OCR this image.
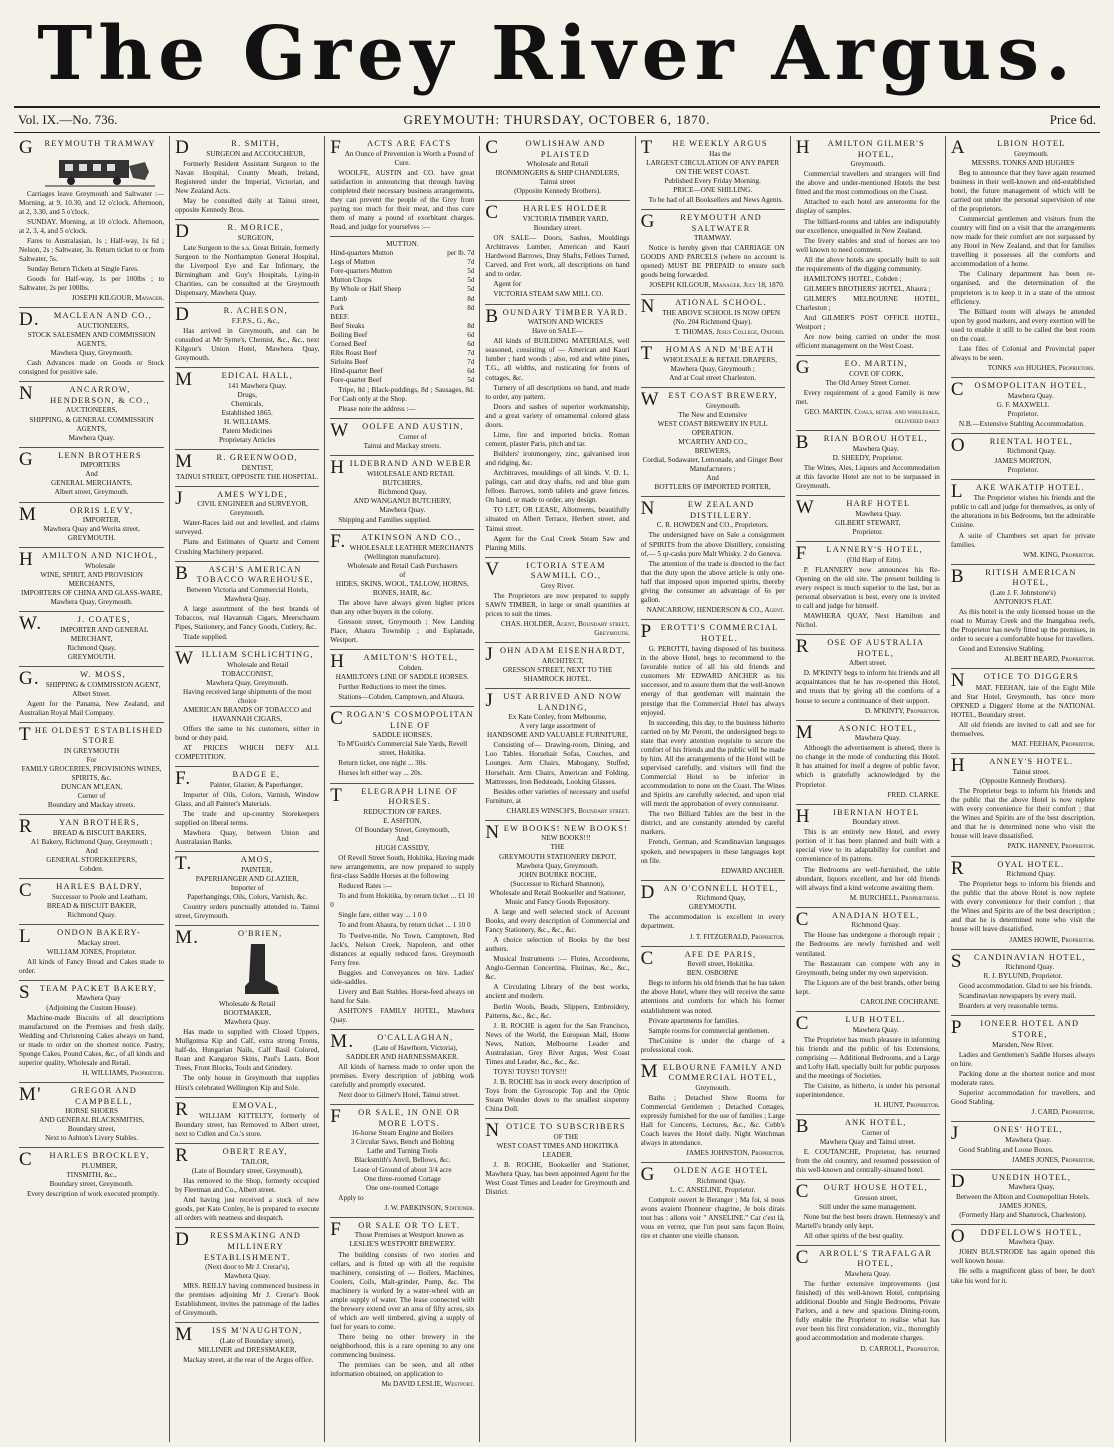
The Grey River Argus.
Vol. IX.—No. 736.	GREYMOUTH: THURSDAY, OCTOBER 6, 1870.	Price 6d.

GREYMOUTH TRAMWAY

Carriages leave Greymouth and Saltwater :— Morning, at 9, 10.30, and 12 o'clock. Afternoon, at 2, 3.30, and 5 o'clock.

SUNDAY. Morning, at 10 o'clock. Afternoon, at 2, 3, 4, and 5 o'clock.

Fares to Australasian, 1s ; Half-way, 1s 6d ; Nelson, 2s ; Saltwater, 3s. Return ticket to or from Saltwater, 5s.

Sunday Return Tickets at Single Fares.

Goods for Half-way, 1s per 100lbs ; to Saltwater, 2s per 100lbs.

JOSEPH KILGOUR, Manager.

D.MACLEAN AND CO.,

AUCTIONEERS,

STOCK SALESMEN AND COMMISSION AGENTS,

Mawhera Quay, Greymouth.

Cash Advances made on Goods or Stock consigned for positive sale.

NANCARROW, HENDERSON, & CO.,

AUCTIONEERS,

SHIPPING, & GENERAL COMMISSION AGENTS,

Mawhera Quay.

GLENN BROTHERS

IMPORTERS

And

GENERAL MERCHANTS,

Albert street, Greymouth.

MORRIS LEVY,

IMPORTER,

Mawhera Quay and Werita street,

GREYMOUTH.

HAMILTON AND NICHOL,

Wholesale

WINE, SPIRIT, AND PROVISION MERCHANTS,

IMPORTERS OF CHINA AND GLASS-WARE,

Mawhera Quay, Greymouth.

W.J. COATES,

IMPORTER AND GENERAL MERCHANT,

Richmond Quay,

GREYMOUTH.

G.W. MOSS,

SHIPPING & COMMISSION AGENT,

Albert Street.

Agent for the Panama, New Zealand, and Australian Royal Mail Company.

THE OLDEST ESTABLISHED STORE

IN GREYMOUTH

For

FAMILY GROCERIES, PROVISIONS WINES, SPIRITS, &c.

DUNCAN M'LEAN,

Corner of

Boundary and Mackay streets.

RYAN BROTHERS,

BREAD & BISCUIT BAKERS,

A1 Bakery, Richmond Quay, Greymouth ;

And

GENERAL STOREKEEPERS,

Cobden.

CHARLES BALDRY,

Successor to Poole and Leatham,

BREAD & BISCUIT BAKER,

Richmond Quay.

LONDON BAKERY-

Mackay street.

WILLIAM JONES, Proprietor.

All kinds of Fancy Bread and Cakes made to order.

STEAM PACKET BAKERY,

Mawhera Quay

(Adjoining the Custom House).

Machine-made Biscuits of all descriptions manufactured on the Premises and fresh daily. Wedding and Christening Cakes always on hand, or made to order on the shortest notice. Pastry, Sponge Cakes, Pound Cakes, &c., of all kinds and superior quality, Wholesale and Retail.

H. WILLIAMS, Proprietor.

M'GREGOR AND CAMPBELL,

HORSE SHOERS

AND GENERAL BLACKSMITHS,

Boundary street,

Next to Ashton's Livery Stables.

CHARLES BROCKLEY,

PLUMBER,

TINSMITH, &c.,

Boundary street, Greymouth.

Every description of work executed promptly.

DR. SMITH,

SURGEON and ACCOUCHEUR,

Formerly Resident Assistant Surgeon to the Navan Hospital, County Meath, Ireland, Registered under the Imperial, Victorian, and New Zealand Acts.

May be consulted daily at Tainui street, opposite Kennedy Bros.

DR. MORICE,

SURGEON,

Late Surgeon to the s.s. Great Britain, formerly Surgeon to the Northampton General Hospital, the Liverpool Eye and Ear Infirmary, the Birmingham and Guy's Hospitals, Lying-in Charities, can be consulted at the Greymouth Dispensary, Mawhera Quay.

DR. ACHESON,

F.F.P.S., G., &c.,

Has arrived in Greymouth, and can be consulted at Mr Syme's, Chemist, &c., &c., next Kilgour's Union Hotel, Mawhera Quay, Greymouth.

MEDICAL HALL,

141 Mawhera Quay.

Drugs,

Chemicals,

Established 1865.

H. WILLIAMS.

Patent Medicines

Proprietary Articles

MR. GREENWOOD,

DENTIST,

TAINUI STREET, OPPOSITE THE HOSPITAL.

JAMES WYLDE,

CIVIL ENGINEER and SURVEYOR,

Greymouth.

Water-Races laid out and levelled, and claims surveyed.

Plans and Estimates of Quartz and Cement Crushing Machinery prepared.

BASCH'S AMERICAN TOBACCO WAREHOUSE,

Between Victoria and Commercial Hotels, Mawhera Quay.

A large assortment of the best brands of Tobaccos, real Havannah Cigars, Meerschaum Pipes, Stationery, and Fancy Goods, Cutlery, &c.

Trade supplied.

WILLIAM SCHLICHTING,

Wholesale and Retail

TOBACCONIST,

Mawhera Quay, Greymouth.

Having received large shipments of the most choice

AMERICAN BRANDS OF TOBACCO and HAVANNAH CIGARS,

Offers the same to his customers, either in bond or duty paid,

AT PRICES WHICH DEFY ALL COMPETITION.

F.BADGE E,

Painter, Glazier, & Paperhanger,

Importer of Oils, Colors, Varnish, Window Glass, and all Painter's Materials.

The trade and up-country Storekeepers supplied on liberal terms.

Mawhera Quay, between Union and Australasian Banks.

T.AMOS,

PAINTER,

PAPERHANGER AND GLAZIER,

Importer of

Paperhangings, Oils, Colors, Varnish, &c.

Country orders punctually attended to. Tainui street, Greymouth.

M.O'BRIEN,

Wholesale & Retail

BOOTMAKER,

Mawhera Quay.

Has made to supplied with Closed Uppers, Mullgomsa Kip and Calf, extra strong Fronts, half-do, Hungarian Nails, Calf Basil Colored, Roan and Kangaroo Skins, Paul's Lasts, Boot Trees, Front Blocks, Tools and Grindery.

The only house in Greymouth that supplies Hirst's celebrated Wellington Kip and Sole.

REMOVAL,

WILLIAM KITTELTY, formerly of Boundary street, has Removed to Albert street, next to Cullen and Co.'s store.

ROBERT REAY,

TAILOR,

(Late of Boundary street, Greymouth),

Has removed to the Shop, formerly occupied by Fleetman and Co., Albert street.

And having just received a stock of new goods, per Kate Conley, he is prepared to execute all orders with neatness and despatch.

DRESSMAKING AND MILLINERY ESTABLISHMENT.

(Next door to Mr J. Crerar's),

Mawhera Quay.

MRS. REILLY having commenced business in the premises adjoining Mr J. Crerar's Book Establishment, invites the patronage of the ladies of Greymouth.

MISS M'NAUGHTON,

(Late of Boundary street),

MILLINER and DRESSMAKER,

Mackay street, at the rear of the Argus office.

FACTS ARE FACTS

An Ounce of Prevention is Worth a Pound of Cure.

WOOLFE, AUSTIN and CO. have great satisfaction in announcing that through having completed their necessary business arrangements, they can prevent the people of the Grey from paying too much for their meat, and thus cure them of many a pound of exorbitant charges. Read, and judge for yourselves :—

MUTTON.

Hind-quarters Mutton	per lb. 7d
Legs of Mutton	7d
Fore-quarters Mutton	5d
Mutton Chops	5d
By Whole or Half Sheep	5d
Lamb	8d
Pork	8d
BEEF.	
Beef Steaks	8d
Boiling Beef	6d
Corned Beef	6d
Ribs Roast Beef	7d
Sirloins Beef	7d
Hind-quarter Beef	6d
Fore-quarter Beef	5d

Tripe, 8d ; Black-puddings, 8d ; Sausages, 8d. For Cash only at the Shop.

Please note the address :—

WOOLFE AND AUSTIN,

Corner of

Tainui and Mackay streets.

HILDEBRAND AND WEBER

WHOLESALE AND RETAIL BUTCHERS,

Richmond Quay,

AND WANGANUI BUTCHERY,

Mawhera Quay.

Shipping and Families supplied.

F.ATKINSON AND CO.,

WHOLESALE LEATHER MERCHANTS

(Wellington manufacture).

Wholesale and Retail Cash Purchasers

of

HIDES, SKINS, WOOL, TALLOW, HORNS, BONES, HAIR, &c.

The above have always given higher prices than any other buyers in the colony.

Gresson street, Greymouth ; New Landing Place, Ahaura Township ; and Esplanade, Westport.

HAMILTON'S HOTEL,

Cobden.

HAMILTON'S LINE OF SADDLE HORSES.

Further Reductions to meet the times.

Stations—Cobden, Camptown, and Ahaura.

CROGAN'S COSMOPOLITAN LINE OF

SADDLE HORSES,

To M'Guirk's Commercial Sale Yards, Revell street, Hokitika.

Return ticket, one night ... 30s.

Horses left either way ... 20s.

TELEGRAPH LINE OF HORSES.

REDUCTION OF FARES.

E. ASHTON,

Of Boundary Street, Greymouth,

And

HUGH CASSIDY,

Of Revell Street South, Hokitika, Having made new arrangements, are now prepared to supply first-class Saddle Horses at the following

Reduced Rates :—

To and from Hokitika, by return ticket ... £1 10 0

Single fare, either way ... 1 0 0

To and from Ahaura, by return ticket ... 1 10 0

To Twelve-mile, No Town, Camptown, Red Jack's, Nelson Creek, Napoleon, and other distances at equally reduced fares. Greymouth Ferry free.

Buggies and Conveyances on hire. Ladies' side-saddles.

Livery and Bait Stables. Horse-feed always on hand for Sale.

ASHTON'S FAMILY HOTEL, Mawhera Quay.

M.O'CALLAGHAN,

(Late of Hawthorn, Victoria),

SADDLER AND HARNESSMAKER.

All kinds of harness made to order upon the premises. Every description of jobbing work carefully and promptly executed.

Next door to Gilmer's Hotel, Tainui street.

FOR SALE, IN ONE OR MORE LOTS.

16-horse Steam Engine and Boilers

3 Circular Saws, Bench and Bolting

Lathe and Turning Tools

Blacksmith's Anvil, Bellows, &c.

Lease of Ground of about 3/4 acre

One three-roomed Cottage

One one-roomed Cottage

Apply to

J. W. PARKINSON, Stationer.

FOR SALE OR TO LET.

Those Premises at Westport known as

LESLIE'S WESTPORT BREWERY.

The building consists of two stories and cellars, and is fitted up with all the requisite machinery, consisting of — Boilers, Machines, Coolers, Coils, Malt-grinder, Pump, &c. The machinery is worked by a water-wheel with an ample supply of water. The lease connected with the brewery extend over an area of fifty acres, six of which are well timbered, giving a supply of fuel for years to come.

There being no other brewery in the neighborhood, this is a rare opening to any one commencing business.

The premises can be seen, and all other information obtained, on application to

Mr DAVID LESLIE, Westport.

COWLISHAW AND PLAISTED

Wholesale and Retail

IRONMONGERS & SHIP CHANDLERS,

Tainui street

(Opposite Kennedy Brothers).

CHARLES HOLDER

VICTORIA TIMBER YARD,

Boundary street.

ON SALE— Doors, Sashes, Mouldings Architraves Lumber, American and Kauri Hardwood Barrows, Dray Shafts, Felloes Turned, Carved, and Fret work, all descriptions on hand and to order.

Agent for

VICTORIA STEAM SAW MILL CO.

BOUNDARY TIMBER YARD.

WATSON AND WICKES

Have on SALE—

All kinds of BUILDING MATERIALS, well seasoned, consisting of — American and Kauri lumber ; hard woods ; also, red and white pines, T.G., all widths, and rusticating for fronts of cottages, &c.

Turnery of all descriptions on hand, and made to order, any pattern.

Doors and sashes of superior workmanship, and a great variety of ornamental colored glass doors.

Lime, fire and imported bricks. Roman cement, plaster Paris, pitch and tar.

Builders' ironmongery, zinc, galvanised iron and ridging, &c.

Architraves, mouldings of all kinds. V. D. L. palings, cart and dray shafts, red and blue gum felloes. Barrows, tomb tablets and grave fences. On hand, or made to order, any design.

TO LET, OR LEASE, Allotments, beautifully situated on Albert Terrace, Herbert street, and Tainui street.

Agent for the Coal Creek Steam Saw and Planing Mills.

VICTORIA STEAM SAWMILL CO.,

Grey River.

The Proprietors are now prepared to supply SAWN TIMBER, in large or small quantities at prices to suit the times.

CHAS. HOLDER, Agent, Boundary street, Greymouth.

JOHN ADAM EISENHARDT,

ARCHITECT,

GRESSON STREET, NEXT TO THE SHAMROCK HOTEL.

JUST ARRIVED AND NOW LANDING,

Ex Kate Conley, from Melbourne,

A very large assortment of

HANDSOME AND VALUABLE FURNITURE,

Consisting of— Drawing-room, Dining, and Loo Tables. Horsehair Sofas, Couches, and Lounges. Arm Chairs, Mahogany, Stuffed, Horsehair. Arm Chairs, American and Folding. Mattresses, Iron Bedsteads, Looking Glasses.

Besides other varieties of necessary and useful Furniture, at

CHARLES WINSCH'S, Boundary street.

NEW BOOKS! NEW BOOKS!

NEW BOOKS!!!

THE

GREYMOUTH STATIONERY DEPOT,

Mawhera Quay, Greymouth.

JOHN BOURKE ROCHE,

(Successor to Richard Shannon),

Wholesale and Retail Bookseller and Stationer,

Music and Fancy Goods Repository.

A large and well selected stock of Account Books, and every description of Commercial and Fancy Stationery, &c., &c., &c.

A choice selection of Books by the best authors.

Musical Instruments :— Flutes, Accordeons, Anglo-German Concertina, Flutinas, &c., &c., &c.

A Circulating Library of the best works, ancient and modern.

Berlin Wools, Beads, Slippers, Embroidery, Patterns, &c., &c., &c.

J. B. ROCHE is agent for the San Francisco, News of the World, the European Mail, Home News, Nation, Melbourne Leader and Australasian, Grey River Argus, West Coast Times and Leader, &c., &c., &c.

TOYS! TOYS!! TOYS!!!

J. B. ROCHE has in stock every description of Toys from the Gyroscopic Top and the Optic Steam Wonder down to the smallest sixpenny China Doll.

NOTICE TO SUBSCRIBERS

OF THE

WEST COAST TIMES AND HOKITIKA LEADER.

J. B. ROCHE, Bookseller and Stationer, Mawhera Quay, has been appointed Agent for the West Coast Times and Leader for Greymouth and District.

THE WEEKLY ARGUS

Has the

LARGEST CIRCULATION OF ANY PAPER ON THE WEST COAST.

Published Every Friday Morning.

PRICE—ONE SHILLING.

To be had of all Booksellers and News Agents.

GREYMOUTH AND SALTWATER

TRAMWAY.

Notice is hereby given that CARRIAGE ON GOODS AND PARCELS (where no account is opened) MUST BE PREPAID to ensure such goods being forwarded.

JOSEPH KILGOUR, Manager. July 18, 1870.

NATIONAL SCHOOL.

THE ABOVE SCHOOL IS NOW OPEN (No. 204 Richmond Quay).

T. THOMAS, Jesus College, Oxford.

THOMAS AND M'BEATH

WHOLESALE & RETAIL DRAPERS,

Mawhera Quay, Greymouth ;

And at Coal street Charleston.

WEST COAST BREWERY,

Greymouth.

The New and Extensive

WEST COAST BREWERY IN FULL OPERATION.

M'CARTHY AND CO.,

BREWERS,

Cordial, Sodawater, Lemonade, and Ginger Beer Manufacturers ;

And

BOTTLERS OF IMPORTED PORTER,

NEW ZEALAND DISTILLERY.

C. R. HOWDEN and CO., Proprietors.

The undersigned have on Sale a consignment of SPIRITS from the above Distillery, consisting of,— 5 qr-casks pure Malt Whisky. 2 do Geneva.

The attention of the trade is directed to the fact that the duty upon the above article is only one-half that imposed upon imported spirits, thereby giving the consumer an advantage of 6s per gallon.

NANCARROW, HENDERSON & CO., Agent.

PEROTTI'S COMMERCIAL HOTEL.

G. PEROTTI, having disposed of his business in the above Hotel, begs to recommend to the favorable notice of all his old friends and customers Mr EDWARD ANCHER as his successor, and to assure them that the well-known energy of that gentleman will maintain the prestige that the Commercial Hotel has always enjoyed.

In succeeding, this day, to the business hitherto carried on by Mr Perotti, the undersigned begs to state that every attention requisite to secure the comfort of his friends and the public will be made by him. All the arrangements of the Hotel will be supervised carefully, and visitors will find the Commercial Hotel to be inferior in accommodation to none on the Coast. The Wines and Spirits are carefully selected, and upon trial will merit the approbation of every connoisseur.

The two Billiard Tables are the best in the district, and are constantly attended by careful markers.

French, German, and Scandinavian languages spoken, and newspapers in these languages kept on file.

EDWARD ANCHER.

DAN O'CONNELL HOTEL,

Richmond Quay,

GREYMOUTH.

The accommodation is excellent in every department.

J. T. FITZGERALD, Proprietor.

CAFE DE PARIS,

Revell street, Hokitika.

BEN. OSBORNE

Begs to inform his old friends that he has taken the above Hotel, where they will receive the same attentions and comforts for which his former establishment was noted.

Private apartments for families.

Sample rooms for commercial gentlemen.

TheCuisine is under the charge of a professional cook.

MELBOURNE FAMILY AND COMMERCIAL HOTEL,

Greymouth.

Baths ; Detached Show Rooms for Commercial Gentlemen ; Detached Cottages, expressly furnished for the use of families ; Large Hall for Concerts, Lectures, &c., &c. Cobb's Coach leaves the Hotel daily. Night Watchman always in attendance.

JAMES JOHNSTON, Proprietor.

GOLDEN AGE HOTEL

Richmond Quay.

L. C. ANSELINE, Proprietor.

Comptoir ouvert le Beranger ; Ma foi, si nous avons avaient l'honneur chagrine, Je bois dirais tout bas : allons voir " ANSELINE." Car c'est là, vous en verrez, que l'on peut sans façon Boire, rire et chanter une vieille chanson.

HAMILTON GILMER'S HOTEL,

Greymouth.

Commercial travellers and strangers will find the above and under-mentioned Hotels the best fitted and the most commodious on the Coast.

Attached to each hotel are anterooms for the display of samples.

The billiard-rooms and tables are indisputably our excellence, unequalled in New Zealand.

The livery stables and stud of horses are too well known to need comment.

All the above hotels are specially built to suit the requirements of the digging community.

HAMILTON'S HOTEL, Cobden ;

GILMER'S BROTHERS' HOTEL, Ahaura ;

GILMER'S MELBOURNE HOTEL, Charleston ;

And GILMER'S POST OFFICE HOTEL, Westport ;

Are now being carried on under the most efficient management on the West Coast.

GEO. MARTIN,

COVE OF CORK,

The Old Arney Street Corner.

Every requirement of a good Family is now met.

GEO. MARTIN. Coals, retail and wholesale, delivered daily

BRIAN BOROU HOTEL,

Mawhera Quay.

D. SHEEDY, Proprietor.

The Wines, Ales, Liquors and Accommodation at this favorite Hotel are not to be surpassed in Greymouth.

WHARF HOTEL

Mawhera Quay.

GILBERT STEWART,

Proprietor.

FLANNERY'S HOTEL,

(Old Harp of Erin).

P. FLANNERY now announces his Re-Opening on the old site. The present building is every respect is much superior to the last, but as personal observation is best, every one is invited to call and judge for himself.

MAWHERA QUAY, Next Hamilton and Nichol.

ROSE OF AUSTRALIA HOTEL,

Albert street.

D. M'KINTY begs to inform his friends and all acquaintances that he has re-opened this Hotel, and trusts that by giving all the comforts of a house to secure a continuance of their support.

D. M'KINTY, Proprietor.

MASONIC HOTEL,

Mawhera Quay.

Although the advertisement is altered, there is no change in the mode of conducting this Hotel. It has attained for itself a degree of public favor, which is gratefully acknowledged by the Proprietor.

FRED. CLARKE.

HIBERNIAN HOTEL

Boundary street.

This is an entirely new Hotel, and every portion of it has been planned and built with a special view to its adaptability for comfort and convenience of its patrons.

The Bedrooms are well-furnished, the table abundant, liquors excellent, and her old friends will always find a kind welcome awaiting them.

M. BURCHELL, Proprietress.

CANADIAN HOTEL,

Richmond Quay.

The House has undergone a thorough repair ; the Bedrooms are newly furnished and well ventilated.

The Restaurant can compete with any in Greymouth, being under my own supervision.

The Liquors are of the best brands, other being kept.

CAROLINE COCHRANE.

CLUB HOTEL.

Mawhera Quay.

The Proprietor has much pleasure in informing his friends and the public of his Extensions, comprising — Additional Bedrooms, and a Large and Lofty Hall, specially built for public purposes and the meetings of Societies.

The Cuisine, as hitherto, is under his personal superintendence.

H. HUNT, Proprietor.

BANK HOTEL,

Corner of

Mawhera Quay and Tainui street.

E. COUTANCHE, Proprietor, has returned from the old country, and resumed possession of this well-known and centrally-situated hotel.

COURT HOUSE HOTEL,

Gresson street,

Still under the same management.

None but the best beers drawn. Hennessy's and Martell's brandy only kept.

All other spirits of the best quality.

CARROLL'S TRAFALGAR HOTEL,

Mawhera Quay.

The further extensive improvements (just finished) of this well-known Hotel, comprising additional Double and Single Bedrooms, Private Parlors, and a new and spacious Dining-room, fully enable the Proprietor to realise what has ever been his first consideration, viz., thoroughly good accommodation and moderate charges.

D. CARROLL, Proprietor.

ALBION HOTEL

Greymouth.

MESSRS. TONKS AND HUGHES

Beg to announce that they have again resumed business in their well-known and old-established hotel, the future management of which will be carried out under the personal supervision of one of the proprietors.

Commercial gentlemen and visitors from the country will find on a visit that the arrangements now made for their comfort are not surpassed by any Hotel in New Zealand, and that for families travelling it possesses all the comforts and accommodation of a home.

The Culinary department has been re-organised, and the determination of the proprietors is to keep it in a state of the utmost efficiency.

The Billiard room will always be attended upon by good markers, and every exertion will be used to enable it still to be called the best room on the coast.

Late files of Colonial and Provincial paper always to be seen.

TONKS and HUGHES, Proprietors.

COSMOPOLITAN HOTEL,

Mawhera Quay.

G. F. MAXWELL

Proprietor.

N.B.—Extensive Stabling Accommodation.

ORIENTAL HOTEL,

Richmond Quay.

JAMES MORTON,

Proprietor.

LAKE WAKATIP HOTEL.

The Proprietor wishes his friends and the public to call and judge for themselves, as only of the alterations in his Bedrooms, but the admirable Cuisine.

A suite of Chambers set apart for private families.

WM. KING, Proprietor.

BRITISH AMERICAN HOTEL,

(Late J. F. Johnstone's)

ANTONIO'S FLAT.

As this hotel is the only licensed house on the road to Murray Creek and the Inangahua reefs, the Proprietor has newly fitted up the premises, in order to secure a comfortable house for travellers.

Good and Extensive Stabling.

ALBERT BEARD, Proprietor.

NOTICE TO DIGGERS

MAT. FEEHAN, late of the Eight Mile and Star Hotel, Greymouth, has once more OPENED a Diggers' Home at the NATIONAL HOTEL, Boundary street.

All old friends are invited to call and see for themselves.

MAT. FEEHAN, Proprietor.

HANNEY'S HOTEL.

Tainui street.

(Opposite Kennedy Brothers).

The Proprietor begs to inform his friends and the public that the above Hotel is now replete with every convenience for their comfort ; that the Wines and Spirits are of the best description, and that he is determined none who visit the house will leave dissatisfied.

PATK. HANNEY, Proprietor.

ROYAL HOTEL.

Richmond Quay.

The Proprietor begs to inform his friends and the public that the above Hotel is now replete with every convenience for their comfort ; that the Wines and Spirits are of the best description ; and that he is determined none who visit the house will leave dissatisfied.

JAMES HOWIE, Proprietor.

SCANDINAVIAN HOTEL,

Richmond Quay.

R. J. BYLUND, Proprietor.

Good accommodation. Glad to see his friends.

Scandinavian newspapers by every mail.

Boarders at very reasonable terms.

PIONEER HOTEL AND STORE,

Marsden, New River.

Ladies and Gentlemen's Saddle Horses always on hire.

Packing done at the shortest notice and most moderate rates.

Superior accommodation for travellers, and Good Stabling.

J. CARD, Proprietor.

JONES' HOTEL,

Mawhera Quay.

Good Stabling and Loose Boxes.

JAMES JONES, Proprietor.

DUNEDIN HOTEL,

Mawhera Quay,

Between the Albion and Cosmopolitan Hotels.

JAMES JONES,

(Formerly Harp and Shamrock, Charleston).

ODDFELLOWS HOTEL,

Mawhera Quay.

JOHN BULSTRODE has again opened this well known house.

He sells a magnificent glass of beer, he don't take his word for it.
